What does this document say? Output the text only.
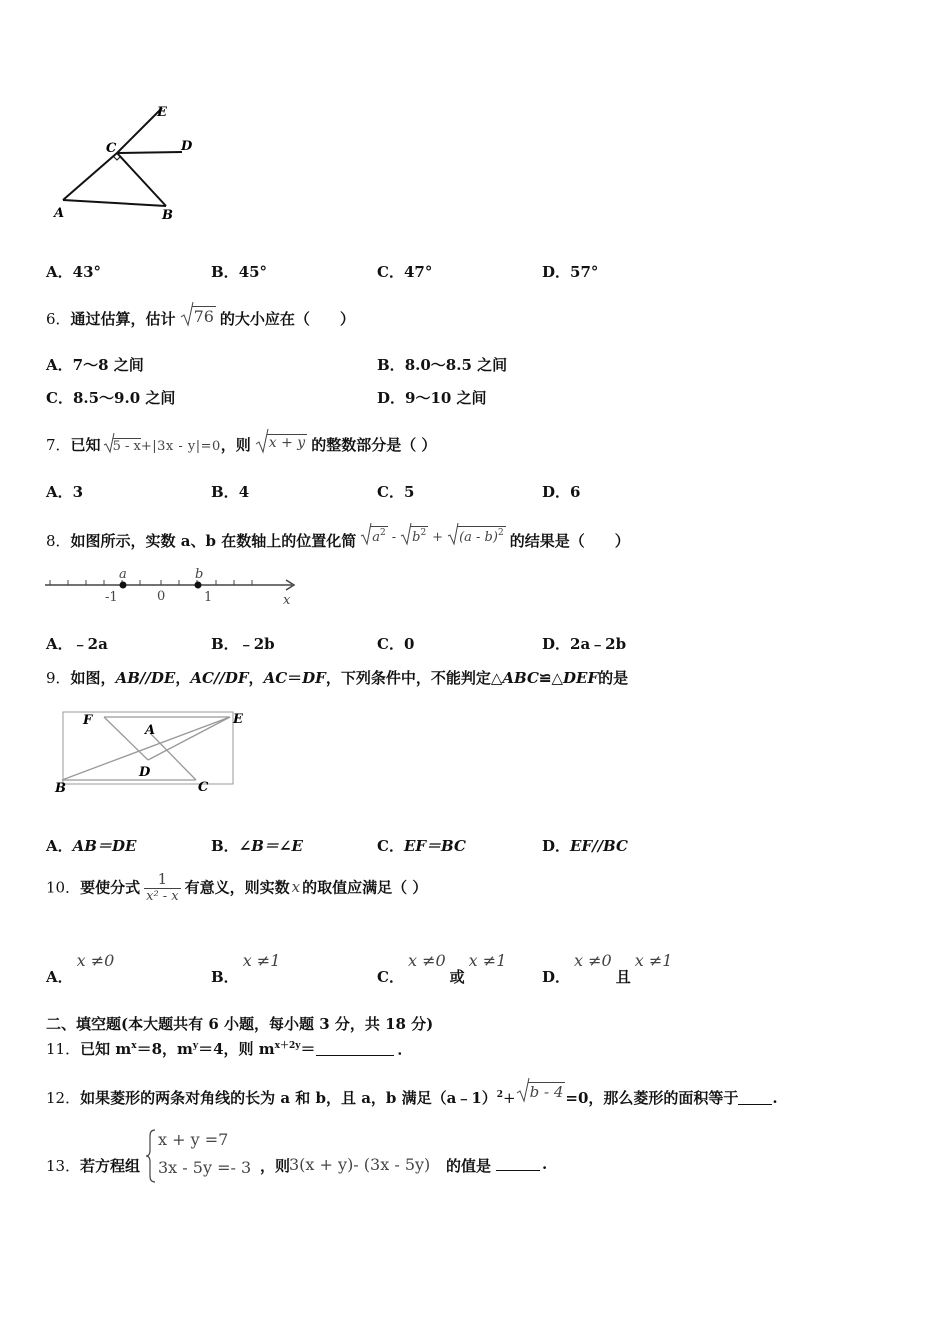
E
C	D
A	B
A．43°	B．45°	C．47°	D．57°
6．通过估算，估计 76 的大小应在（　　）
A．7～8 之间	B．8.0～8.5 之间
C．8.5～9.0 之间	D．9～10 之间
7．已知 5 - x+|3x - y|=0，则 x + y 的整数部分是（ ）
A．3	B．4	C．5	D．6
8．如图所示，实数 a、b 在数轴上的位置化简 $a^2 - b^2 + (a - b)^2$ 的结果是（　　）
a	b
-1	0	1	x
A．﹣2a	B．﹣2b	C．0	D．2a﹣2b
9．如图，AB//DE，AC//DF，AC＝DF，下列条件中，不能判定△ABC≌△DEF的是
F
A
E
D
B	C
A．AB＝DE	B．∠B＝∠E	C．EF＝BC	D．EF//BC
10．要使分式 $\frac{1}{\text{x² - x}}$ 有意义，则实数 x 的取值应满足（ ）
A．x ≠0
B．x ≠1
C．x ≠0或x ≠1
D．x ≠0且x ≠1
二、填空题(本大题共有 6 小题，每小题 3 分，共 18 分)
11．已知 $m^x=8$，$m^y=4$，则 $m^{x+2y}=$	．
12．如果菱形的两条对角线的长为 a 和 b，且 a，b 满足（a﹣1）$^2$+ b - 4 =0，那么菱形的面积等于 .
13． 若方程组
x + y =7
3x - 5y =- 3 ，则
3(x + y)- (3x - 5y) 的值是	.
